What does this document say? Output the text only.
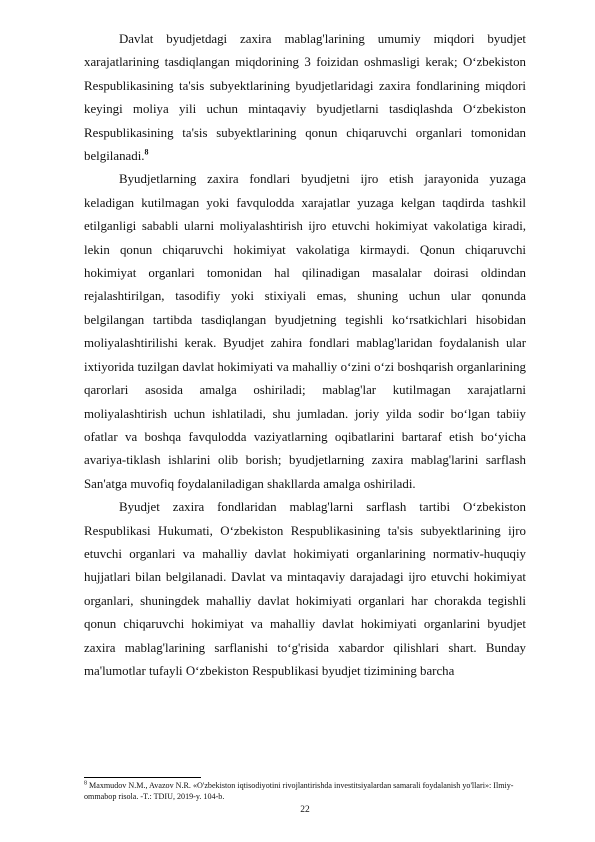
Davlat byudjetdagi zaxira mablag'larining umumiy miqdori byudjet xarajatlarining tasdiqlangan miqdorining 3 foizidan oshmasligi kerak; O‘zbekiston Respublikasining ta'sis subyektlarining byudjetlaridagi zaxira fondlarining miqdori keyingi moliya yili uchun mintaqaviy byudjetlarni tasdiqlashda O‘zbekiston Respublikasining ta'sis subyektlarining qonun chiqaruvchi organlari tomonidan belgilanadi.$^8$

Byudjetlarning zaxira fondlari byudjetni ijro etish jarayonida yuzaga keladigan kutilmagan yoki favqulodda xarajatlar yuzaga kelgan taqdirda tashkil etilganligi sababli ularni moliyalashtirish ijro etuvchi hokimiyat vakolatiga kiradi, lekin qonun chiqaruvchi hokimiyat vakolatiga kirmaydi. Qonun chiqaruvchi hokimiyat organlari tomonidan hal qilinadigan masalalar doirasi oldindan rejalashtirilgan, tasodifiy yoki stixiyali emas, shuning uchun ular qonunda belgilangan tartibda tasdiqlangan byudjetning tegishli ko‘rsatkichlari hisobidan moliyalashtirilishi kerak. Byudjet zahira fondlari mablag'laridan foydalanish ular ixtiyorida tuzilgan davlat hokimiyati va mahalliy o‘zini o‘zi boshqarish organlarining qarorlari asosida amalga oshiriladi; mablag'lar kutilmagan xarajatlarni moliyalashtirish uchun ishlatiladi, shu jumladan. joriy yilda sodir bo‘lgan tabiiy ofatlar va boshqa favqulodda vaziyatlarning oqibatlarini bartaraf etish bo‘yicha avariya-tiklash ishlarini olib borish; byudjetlarning zaxira mablag'larini sarflash San'atga muvofiq foydalaniladigan shakllarda amalga oshiriladi.

Byudjet zaxira fondlaridan mablag'larni sarflash tartibi O‘zbekiston Respublikasi Hukumati, O‘zbekiston Respublikasining ta'sis subyektlarining ijro etuvchi organlari va mahalliy davlat hokimiyati organlarining normativ-huquqiy hujjatlari bilan belgilanadi. Davlat va mintaqaviy darajadagi ijro etuvchi hokimiyat organlari, shuningdek mahalliy davlat hokimiyati organlari har chorakda tegishli qonun chiqaruvchi hokimiyat va mahalliy davlat hokimiyati organlarini byudjet zaxira mablag'larining sarflanishi to‘g'risida xabardor qilishlari shart. Bunday ma'lumotlar tufayli O‘zbekiston Respublikasi byudjet tizimining barcha

$^8$ Maxmudov N.M., Avazov N.R. «O'zbekiston iqtisodiyotini rivojlantirishda investitsiyalardan samarali foydalanish yo'llari»: Ilmiy-ommabop risola. -T.: TDIU, 2019-y. 104-b.
22
